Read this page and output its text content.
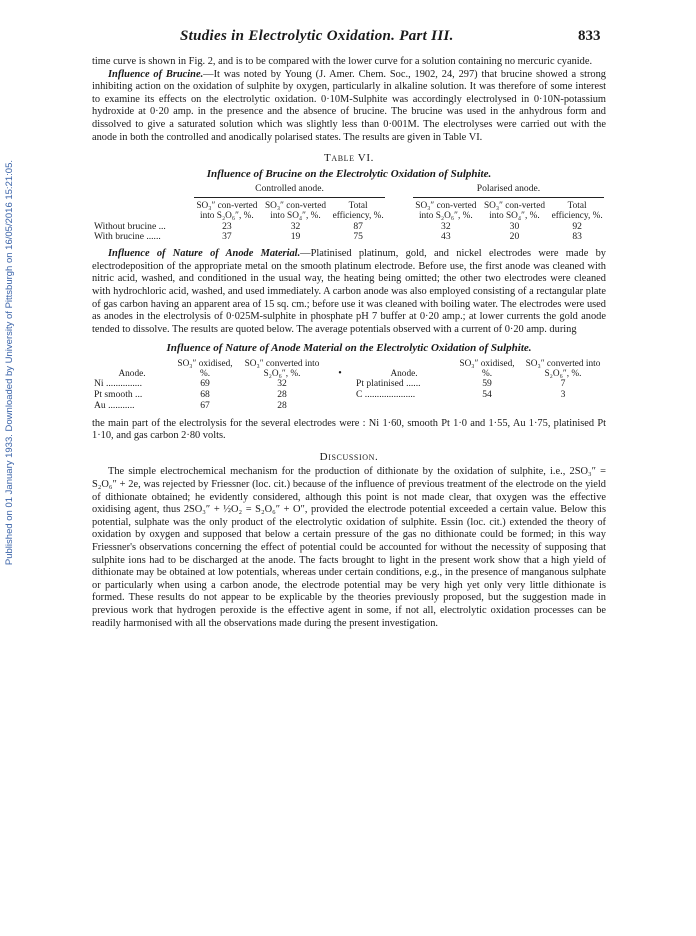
Published on 01 January 1933. Downloaded by University of Pittsburgh on 16/05/2016 15:21:05.
Studies in Electrolytic Oxidation. Part III.	833

time curve is shown in Fig. 2, and is to be compared with the lower curve for a solution containing no mercuric cyanide.

Influence of Brucine.—It was noted by Young (J. Amer. Chem. Soc., 1902, 24, 297) that brucine showed a strong inhibiting action on the oxidation of sulphite by oxygen, particularly in alkaline solution. It was therefore of some interest to examine its effects on the electrolytic oxidation. 0·10M-Sulphite was accordingly electrolysed in 0·10N-potassium hydroxide at 0·20 amp. in the presence and the absence of brucine. The brucine was used in the anhydrous form and dissolved to give a saturated solution which was slightly less than 0·001M. The electrolyses were carried out with the anode in both the controlled and anodically polarised states. The results are given in Table VI.

Table VI.
Influence of Brucine on the Electrolytic Oxidation of Sulphite.
	Controlled anode.				Polarised anode.		

	SO₃″ con-verted into S₂O₆″, %.	SO₃″ con-verted into SO₄″, %.	Total efficiency, %.		SO₃″ con-verted into S₂O₆″, %.	SO₃″ con-verted into SO₄″, %.	Total efficiency, %.
Without brucine ...	23	32	87		32	30	92
With brucine ......	37	19	75		43	20	83

Influence of Nature of Anode Material.—Platinised platinum, gold, and nickel electrodes were made by electrodeposition of the appropriate metal on the smooth platinum electrode. Before use, the first anode was cleaned with nitric acid, washed, and conditioned in the usual way, the heating being omitted; the other two electrodes were cleaned with hydrochloric acid, washed, and used immediately. A carbon anode was also employed consisting of a rectangular plate of gas carbon having an apparent area of 15 sq. cm.; before use it was cleaned with boiling water. The electrodes were used as anodes in the electrolysis of 0·025M-sulphite in phosphate pH 7 buffer at 0·20 amp.; at lower currents the gold anode tended to dissolve. The results are quoted below. The average potentials observed with a current of 0·20 amp. during

Influence of Nature of Anode Material on the Electrolytic Oxidation of Sulphite.
Anode.	SO₃″ oxidised, %.	SO₃″ converted into S₂O₆″, %.	•	Anode.	SO₃″ oxidised, %.	SO₃″ converted into S₂O₆″, %.
Ni ...............	69	32		Pt platinised ......	59	7
Pt smooth ...	68	28		C .....................	54	3
Au ...........	67	28				

the main part of the electrolysis for the several electrodes were : Ni 1·60, smooth Pt 1·0 and 1·55, Au 1·75, platinised Pt 1·10, and gas carbon 2·80 volts.

Discussion.

The simple electrochemical mechanism for the production of dithionate by the oxidation of sulphite, i.e., 2SO₃″ = S₂O₆″ + 2e, was rejected by Friessner (loc. cit.) because of the influence of previous treatment of the electrode on the yield of dithionate obtained; he evidently considered, although this point is not made clear, that oxygen was the effective oxidising agent, thus 2SO₃″ + ½O₂ = S₂O₆″ + O″, provided the electrode potential exceeded a certain value. Below this potential, sulphate was the only product of the electrolytic oxidation of sulphite. Essin (loc. cit.) extended the theory of oxidation by oxygen and supposed that below a certain pressure of the gas no dithionate could be formed; in this way Friessner's observations concerning the effect of potential could be accounted for without the necessity of supposing that sulphite ions had to be discharged at the anode. The facts brought to light in the present work show that a high yield of dithionate may be obtained at low potentials, whereas under certain conditions, e.g., in the presence of manganous sulphate or particularly when using a carbon anode, the electrode potential may be very high yet only very little dithionate is formed. These results do not appear to be explicable by the theories previously proposed, but the suggestion made in previous work that hydrogen peroxide is the effective agent in some, if not all, electrolytic oxidation processes can be readily harmonised with all the observations made during the present investigation.
